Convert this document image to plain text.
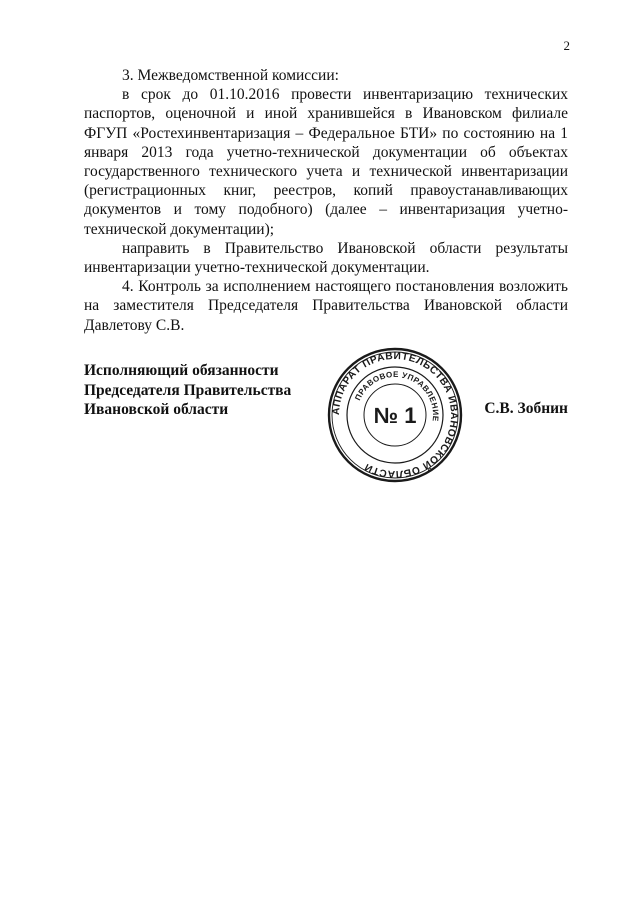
2

3. Межведомственной комиссии:

в срок до 01.10.2016 провести инвентаризацию технических паспортов, оценочной и иной хранившейся в Ивановском филиале ФГУП «Ростехинвентаризация – Федеральное БТИ» по состоянию на 1 января 2013 года учетно-технической документации об объектах государственного технического учета и технической инвентаризации (регистрационных книг, реестров, копий правоустанавливающих документов и тому подобного) (далее – инвентаризация учетно-технической документации);

направить в Правительство Ивановской области результаты инвентаризации учетно-технической документации.

4. Контроль за исполнением настоящего постановления возложить на заместителя Председателя Правительства Ивановской области Давлетову С.В.

Исполняющий обязанности
Председателя Правительства
Ивановской области	С.В. Зобнин
АППАРАТ ПРАВИТЕЛЬСТВА ИВАНОВСКОЙ ОБЛАСТИ
ПРАВОВОЕ УПРАВЛЕНИЕ
№ 1
